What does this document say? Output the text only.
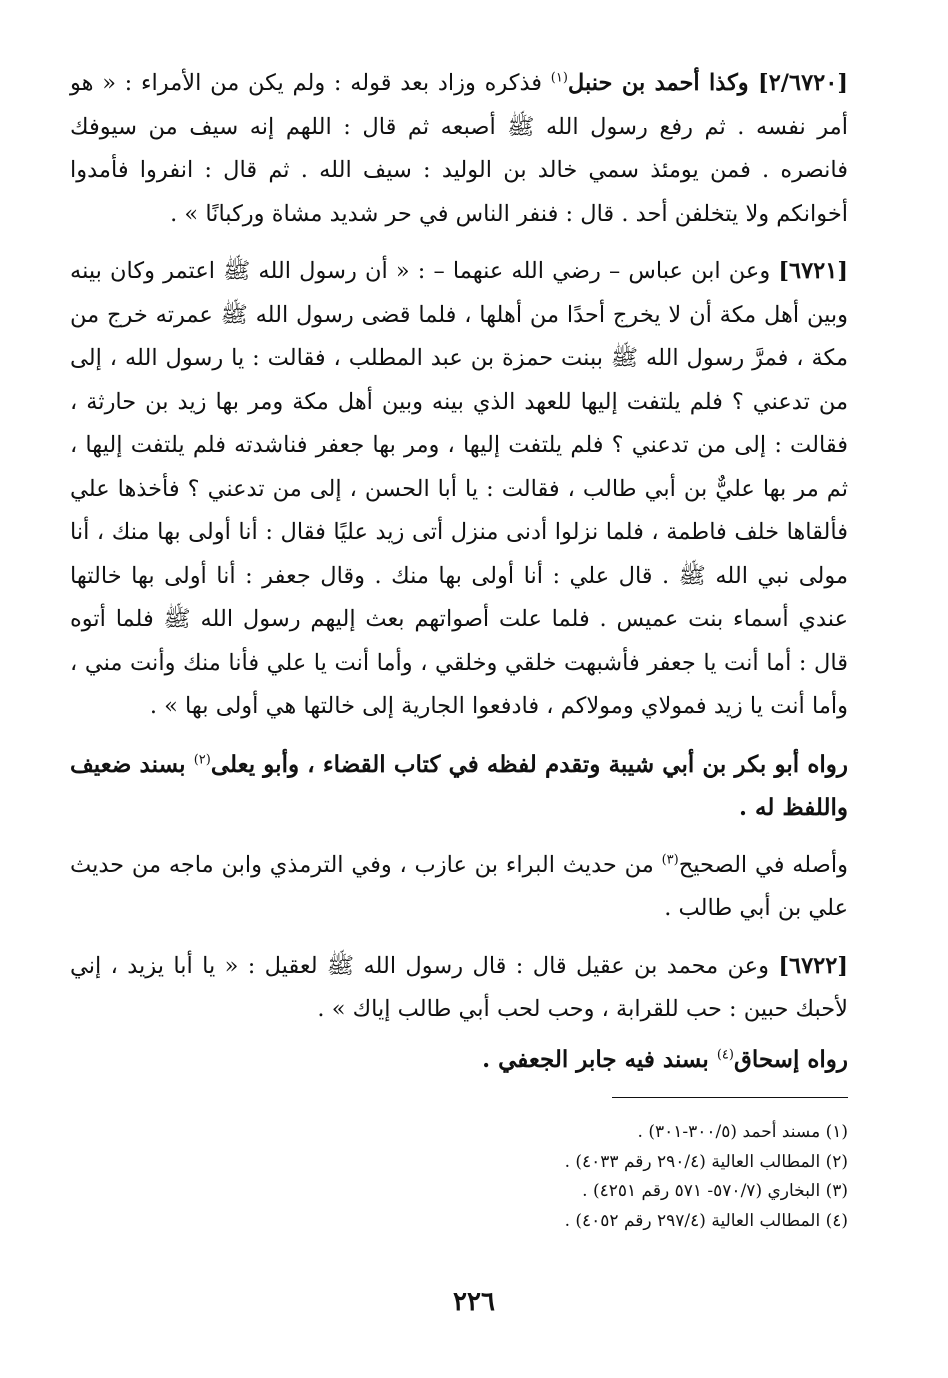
[٢/٦٧٢٠] وكذا أحمد بن حنبل$^{(١)}$ فذكره وزاد بعد قوله : ولم يكن من الأمراء : « هو أمر نفسه . ثم رفع رسول الله ﷺ أصبعه ثم قال : اللهم إنه سيف من سيوفك فانصره . فمن يومئذ سمي خالد بن الوليد : سيف الله . ثم قال : انفروا فأمدوا أخوانكم ولا يتخلفن أحد . قال : فنفر الناس في حر شديد مشاة وركبانًا » .

[٦٧٢١] وعن ابن عباس – رضي الله عنهما – : « أن رسول الله ﷺ اعتمر وكان بينه وبين أهل مكة أن لا يخرج أحدًا من أهلها ، فلما قضى رسول الله ﷺ عمرته خرج من مكة ، فمرَّ رسول الله ﷺ ببنت حمزة بن عبد المطلب ، فقالت : يا رسول الله ، إلى من تدعني ؟ فلم يلتفت إليها للعهد الذي بينه وبين أهل مكة ومر بها زيد بن حارثة ، فقالت : إلى من تدعني ؟ فلم يلتفت إليها ، ومر بها جعفر فناشدته فلم يلتفت إليها ، ثم مر بها عليٌّ بن أبي طالب ، فقالت : يا أبا الحسن ، إلى من تدعني ؟ فأخذها علي فألقاها خلف فاطمة ، فلما نزلوا أدنى منزل أتى زيد عليًا فقال : أنا أولى بها منك ، أنا مولى نبي الله ﷺ . قال علي : أنا أولى بها منك . وقال جعفر : أنا أولى بها خالتها عندي أسماء بنت عميس . فلما علت أصواتهم بعث إليهم رسول الله ﷺ فلما أتوه قال : أما أنت يا جعفر فأشبهت خلقي وخلقي ، وأما أنت يا علي فأنا منك وأنت مني ، وأما أنت يا زيد فمولاي ومولاكم ، فادفعوا الجارية إلى خالتها هي أولى بها » .

رواه أبو بكر بن أبي شيبة وتقدم لفظه في كتاب القضاء ، وأبو يعلى$^{(٢)}$ بسند ضعيف واللفظ له .

وأصله في الصحيح$^{(٣)}$ من حديث البراء بن عازب ، وفي الترمذي وابن ماجه من حديث علي بن أبي طالب .

[٦٧٢٢] وعن محمد بن عقيل قال : قال رسول الله ﷺ لعقيل : « يا أبا يزيد ، إني لأحبك حبين : حب للقرابة ، وحب لحب أبي طالب إياك » .

رواه إسحاق$^{(٤)}$ بسند فيه جابر الجعفي .

(١) مسند أحمد (٣٠٠/٥-٣٠١) .
(٢) المطالب العالية (٢٩٠/٤ رقم ٤٠٣٣) .
(٣) البخاري (٥٧٠/٧- ٥٧١ رقم ٤٢٥١) .
(٤) المطالب العالية (٢٩٧/٤ رقم ٤٠٥٢) .
٢٢٦
